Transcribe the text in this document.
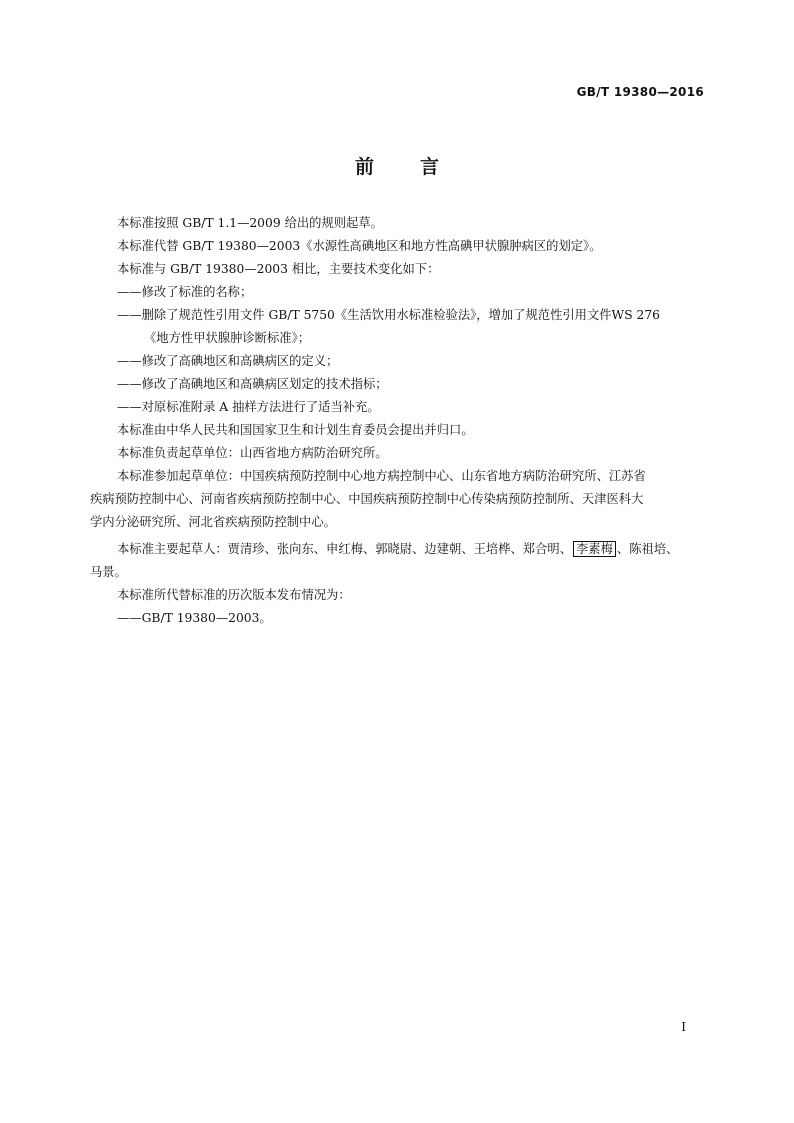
GB/T 19380—2016
前 言
本标准按照 GB/T 1.1—2009 给出的规则起草。
本标准代替 GB/T 19380—2003《水源性高碘地区和地方性高碘甲状腺肿病区的划定》。
本标准与 GB/T 19380—2003 相比，主要技术变化如下：
——修改了标准的名称；
——删除了规范性引用文件 GB/T 5750《生活饮用水标准检验法》，增加了规范性引用文件WS 276
《地方性甲状腺肿诊断标准》；
——修改了高碘地区和高碘病区的定义；
——修改了高碘地区和高碘病区划定的技术指标；
——对原标准附录 A 抽样方法进行了适当补充。
本标准由中华人民共和国国家卫生和计划生育委员会提出并归口。
本标准负责起草单位：山西省地方病防治研究所。
本标准参加起草单位：中国疾病预防控制中心地方病控制中心、山东省地方病防治研究所、江苏省
疾病预防控制中心、河南省疾病预防控制中心、中国疾病预防控制中心传染病预防控制所、天津医科大
学内分泌研究所、河北省疾病预防控制中心。
本标准主要起草人：贾清珍、张向东、申红梅、郭晓尉、边建朝、王培桦、郑合明、 李素梅 、陈祖培、
马景。
本标准所代替标准的历次版本发布情况为：
——GB/T 19380—2003。
I
